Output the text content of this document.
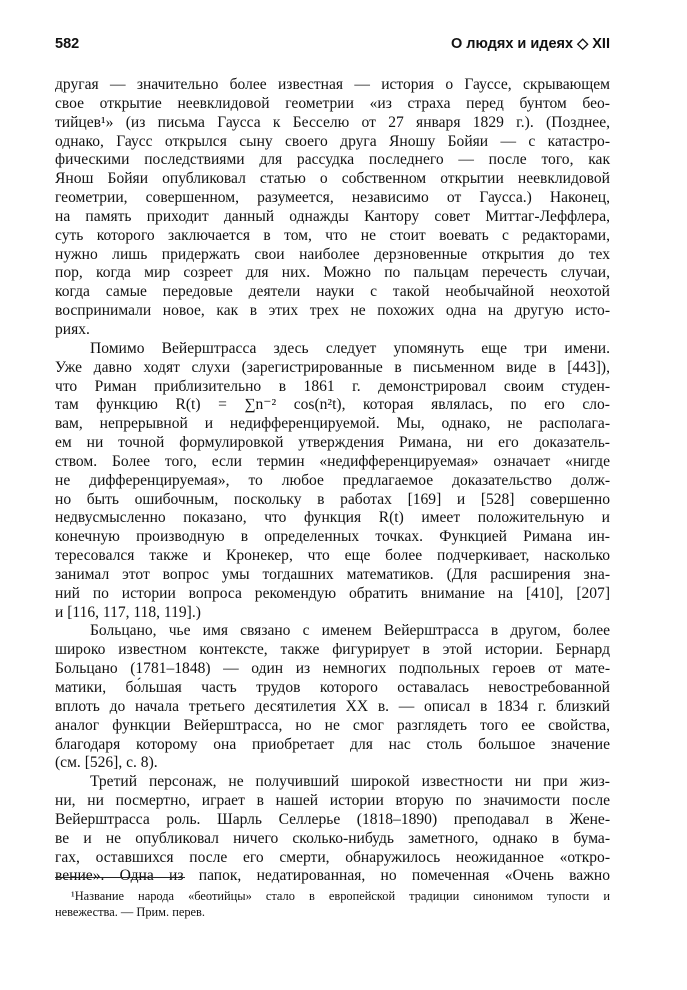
582	О людях и идеях ◇ XII
другая — значительно более известная — история о Гауссе, скрывающем
свое открытие неевклидовой геометрии «из страха перед бунтом бео-
тийцев¹» (из письма Гаусса к Бесселю от 27 января 1829 г.). (Позднее,
однако, Гаусс открылся сыну своего друга Яношу Бойяи — с катастро-
фическими последствиями для рассудка последнего — после того, как
Янош Бойяи опубликовал статью о собственном открытии неевклидовой
геометрии, совершенном, разумеется, независимо от Гаусса.) Наконец,
на память приходит данный однажды Кантору совет Миттаг-Леффлера,
суть которого заключается в том, что не стоит воевать с редакторами,
нужно лишь придержать свои наиболее дерзновенные открытия до тех
пор, когда мир созреет для них. Можно по пальцам перечесть случаи,
когда самые передовые деятели науки с такой необычайной неохотой
воспринимали новое, как в этих трех не похожих одна на другую исто-
риях.
Помимо Вейерштрасса здесь следует упомянуть еще три имени.
Уже давно ходят слухи (зарегистрированные в письменном виде в [443]),
что Риман приблизительно в 1861 г. демонстрировал своим студен-
там функцию R(t) = ∑n⁻² cos(n²t), которая являлась, по его сло-
вам, непрерывной и недифференцируемой. Мы, однако, не располага-
ем ни точной формулировкой утверждения Римана, ни его доказатель-
ством. Более того, если термин «недифференцируемая» означает «нигде
не дифференцируемая», то любое предлагаемое доказательство долж-
но быть ошибочным, поскольку в работах [169] и [528] совершенно
недвусмысленно показано, что функция R(t) имеет положительную и
конечную производную в определенных точках. Функцией Римана ин-
тересовался также и Кронекер, что еще более подчеркивает, насколько
занимал этот вопрос умы тогдашних математиков. (Для расширения зна-
ний по истории вопроса рекомендую обратить внимание на [410], [207]
и [116, 117, 118, 119].)
Больцано, чье имя связано с именем Вейерштрасса в другом, более
широко известном контексте, также фигурирует в этой истории. Бернард
Больцано (1781–1848) — один из немногих подпольных героев от мате-
матики, бо́льшая часть трудов которого оставалась невостребованной
вплоть до начала третьего десятилетия XX в. — описал в 1834 г. близкий
аналог функции Вейерштрасса, но не смог разглядеть того ее свойства,
благодаря которому она приобретает для нас столь большое значение
(см. [526], с. 8).
Третий персонаж, не получивший широкой известности ни при жиз-
ни, ни посмертно, играет в нашей истории вторую по значимости после
Вейерштрасса роль. Шарль Селлерье (1818–1890) преподавал в Жене-
ве и не опубликовал ничего сколько-нибудь заметного, однако в бума-
гах, оставшихся после его смерти, обнаружилось неожиданное «откро-
вение». Одна из папок, недатированная, но помеченная «Очень важно
¹Название народа «беотийцы» стало в европейской традиции синонимом тупости и
невежества. — Прим. перев.
